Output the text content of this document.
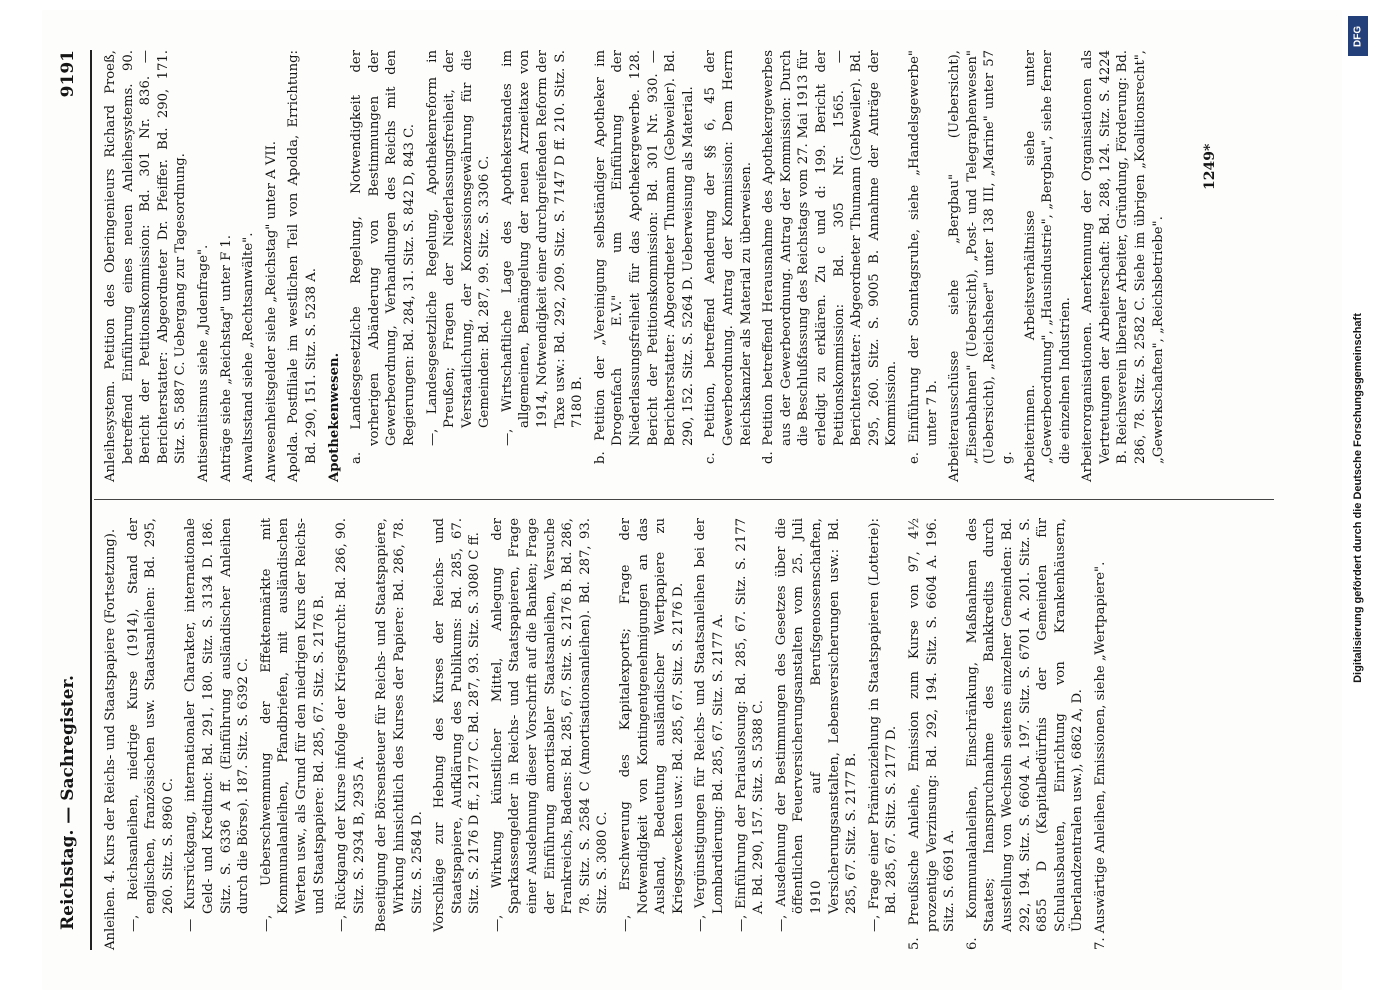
Reichstag. — Sachregister.
9191

Anleihen. 4. Kurs der Reichs- und Staatspapiere (Fortsetzung). —, Reichsanleihen, niedrige Kurse (1914), Stand der englischen, französischen usw. Staatsanleihen: Bd. 295, 260. Sitz. S. 8960 C. — Kursrückgang, internationaler Charakter, internationale Geld- und Kreditnot: Bd. 291, 180. Sitz. S. 3134 D. 186. Sitz. S. 6336 A ff. (Einführung ausländischer Anleihen durch die Börse). 187. Sitz. S. 6392 C. —, Ueberschwemmung der Effektenmärkte mit Kommunalanleihen, Pfandbriefen, mit ausländischen Werten usw., als Grund für den niedrigen Kurs der Reichs- und Staatspapiere: Bd. 285, 67. Sitz. S. 2176 B. —, Rückgang der Kurse infolge der Kriegsfurcht: Bd. 286, 90. Sitz. S. 2934 B, 2935 A. Beseitigung der Börsensteuer für Reichs- und Staatspapiere, Wirkung hinsichtlich des Kurses der Papiere: Bd. 286, 78. Sitz. S. 2584 D. Vorschläge zur Hebung des Kurses der Reichs- und Staatspapiere, Aufklärung des Publikums: Bd. 285, 67. Sitz. S. 2176 D ff., 2177 C. Bd. 287, 93. Sitz. S. 3080 C ff. —, Wirkung künstlicher Mittel, Anlegung der Sparkassengelder in Reichs- und Staatspapieren, Frage einer Ausdehnung dieser Vorschrift auf die Banken; Frage der Einführung amortisabler Staatsanleihen, Versuche Frankreichs, Badens: Bd. 285, 67. Sitz. S. 2176 B. Bd. 286, 78. Sitz. S. 2584 C (Amortisationsanleihen). Bd. 287, 93. Sitz. S. 3080 C. —, Erschwerung des Kapitalexports; Frage der Notwendigkeit von Kontingentgenehmigungen an das Ausland, Bedeutung ausländischer Wertpapiere zu Kriegszwecken usw.: Bd. 285, 67. Sitz. S. 2176 D. —, Vergünstigungen für Reichs- und Staatsanleihen bei der Lombardierung: Bd. 285, 67. Sitz. S. 2177 A. —, Einführung der Pariauslosung: Bd. 285, 67. Sitz. S. 2177 A. Bd. 290, 157. Sitz. S. 5388 C. —, Ausdehnung der Bestimmungen des Gesetzes über die öffentlichen Feuerversicherungsanstalten vom 25. Juli 1910 auf Berufsgenossenschaften, Versicherungsanstalten, Lebensversicherungen usw.: Bd. 285, 67. Sitz. S. 2177 B. —, Frage einer Prämienziehung in Staatspapieren (Lotterie): Bd. 285, 67. Sitz. S. 2177 D. 5. Preußische Anleihe, Emission zum Kurse von 97, 4½ prozentige Verzinsung: Bd. 292, 194. Sitz. S. 6604 A. 196. Sitz. S. 6691 A. 6. Kommunalanleihen, Einschränkung, Maßnahmen des Staates; Inanspruchnahme des Bankkredits durch Ausstellung von Wechseln seitens einzelner Gemeinden: Bd. 292, 194. Sitz. S. 6604 A. 197. Sitz. S. 6701 A. 201. Sitz. S. 6855 D (Kapitalbedürfnis der Gemeinden für Schulausbauten, Einrichtung von Krankenhäusern, Überlandzentralen usw.), 6862 A, D. 7. Auswärtige Anleihen, Emissionen, siehe „Wertpapiere".

Anleihesystem. Petition des Oberingenieurs Richard Proeß, betreffend Einführung eines neuen Anleihesystems. 90. Bericht der Petitionskommission: Bd. 301 Nr. 836. — Berichterstatter: Abgeordneter Dr. Pfeiffer. Bd. 290, 171. Sitz. S. 5887 C. Uebergang zur Tagesordnung. Antisemitismus siehe „Judenfrage". Anträge siehe „Reichstag" unter F 1. Anwaltsstand siehe „Rechtsanwälte". Anwesenheitsgelder siehe „Reichstag" unter A VII. Apolda. Postfiliale im westlichen Teil von Apolda, Errichtung: Bd. 290, 151. Sitz. S. 5238 A. Apothekenwesen. a. Landesgesetzliche Regelung, Notwendigkeit der vorherigen Abänderung von Bestimmungen der Gewerbeordnung, Verhandlungen des Reichs mit den Regierungen: Bd. 284, 31. Sitz. S. 842 D, 843 C. —, Landesgesetzliche Regelung, Apothekenreform in Preußen; Fragen der Niederlassungsfreiheit, der Verstaatlichung, der Konzessionsgewährung für die Gemeinden: Bd. 287, 99. Sitz. S. 3306 C. —, Wirtschaftliche Lage des Apothekerstandes im allgemeinen, Bemängelung der neuen Arzneitaxe von 1914, Notwendigkeit einer durchgreifenden Reform der Taxe usw.: Bd. 292, 209. Sitz. S. 7147 D ff. 210. Sitz. S. 7180 B. b. Petition der „Vereinigung selbständiger Apotheker im Drogenfach E.V." um Einführung der Niederlassungsfreiheit für das Apothekergewerbe. 128. Bericht der Petitionskommission: Bd. 301 Nr. 930. — Berichterstatter: Abgeordneter Thumann (Gebweiler). Bd. 290, 152. Sitz. S. 5264 D. Ueberweisung als Material. c. Petition, betreffend Aenderung der §§ 6, 45 der Gewerbeordnung. Antrag der Kommission: Dem Herrn Reichskanzler als Material zu überweisen. d. Petition betreffend Herausnahme des Apothekergewerbes aus der Gewerbeordnung. Antrag der Kommission: Durch die Beschlußfassung des Reichstags vom 27. Mai 1913 für erledigt zu erklären. Zu c und d: 199. Bericht der Petitionskommission: Bd. 305 Nr. 1565. — Berichterstatter: Abgeordneter Thumann (Gebweiler). Bd. 295, 260. Sitz. S. 9005 B. Annahme der Anträge der Kommission. e. Einführung der Sonntagsruhe, siehe „Handelsgewerbe" unter 7 b. Arbeiterausschüsse siehe „Bergbau" (Uebersicht), „Eisenbahnen" (Uebersicht), „Post- und Telegraphenwesen" (Uebersicht), „Reichsheer" unter 138 III, „Marine" unter 57 g. Arbeiterinnen. Arbeitsverhältnisse siehe unter „Gewerbeordnung", „Hausindustrie", „Bergbau", siehe ferner die einzelnen Industrien. Arbeiterorganisationen. Anerkennung der Organisationen als Vertretungen der Arbeiterschaft: Bd. 288, 124. Sitz. S. 4224 B. Reichsverein liberaler Arbeiter, Gründung, Förderung: Bd. 286, 78. Sitz. S. 2582 C. Siehe im übrigen „Koalitionsrecht", „Gewerkschaften", „Reichsbetriebe".

1249*
DFG
Digitalisierung gefördert durch die Deutsche Forschungsgemeinschaft
